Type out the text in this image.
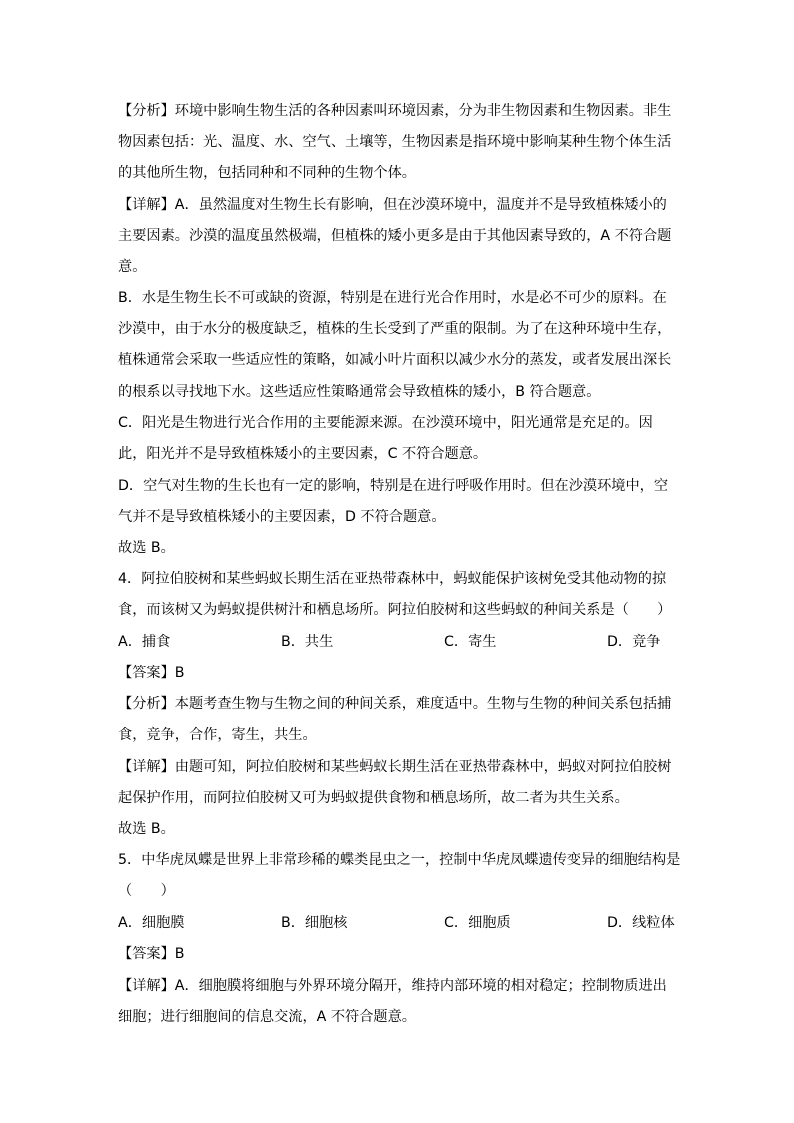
【分析】环境中影响生物生活的各种因素叫环境因素，分为非生物因素和生物因素。非生
物因素包括：光、温度、水、空气、土壤等，生物因素是指环境中影响某种生物个体生活
的其他所生物，包括同种和不同种的生物个体。
【详解】A．虽然温度对生物生长有影响，但在沙漠环境中，温度并不是导致植株矮小的
主要因素。沙漠的温度虽然极端，但植株的矮小更多是由于其他因素导致的，A 不符合题
意。
B．水是生物生长不可或缺的资源，特别是在进行光合作用时，水是必不可少的原料。在
沙漠中，由于水分的极度缺乏，植株的生长受到了严重的限制。为了在这种环境中生存，
植株通常会采取一些适应性的策略，如减小叶片面积以减少水分的蒸发，或者发展出深长
的根系以寻找地下水。这些适应性策略通常会导致植株的矮小，B 符合题意。
C．阳光是生物进行光合作用的主要能源来源。在沙漠环境中，阳光通常是充足的。因
此，阳光并不是导致植株矮小的主要因素，C 不符合题意。
D．空气对生物的生长也有一定的影响，特别是在进行呼吸作用时。但在沙漠环境中，空
气并不是导致植株矮小的主要因素，D 不符合题意。
故选 B。
4．阿拉伯胶树和某些蚂蚁长期生活在亚热带森林中，蚂蚁能保护该树免受其他动物的掠
食，而该树又为蚂蚁提供树汁和栖息场所。阿拉伯胶树和这些蚂蚁的种间关系是（　　）
A．捕食	B．共生	C．寄生	D．竞争
【答案】B
【分析】本题考查生物与生物之间的种间关系，难度适中。生物与生物的种间关系包括捕
食，竞争，合作，寄生，共生。
【详解】由题可知，阿拉伯胶树和某些蚂蚁长期生活在亚热带森林中，蚂蚁对阿拉伯胶树
起保护作用，而阿拉伯胶树又可为蚂蚁提供食物和栖息场所，故二者为共生关系。
故选 B。
5．中华虎凤蝶是世界上非常珍稀的蝶类昆虫之一，控制中华虎凤蝶遗传变异的细胞结构是
（　　）
A．细胞膜	B．细胞核	C．细胞质	D．线粒体
【答案】B
【详解】A．细胞膜将细胞与外界环境分隔开，维持内部环境的相对稳定；控制物质进出
细胞；进行细胞间的信息交流，A 不符合题意。
